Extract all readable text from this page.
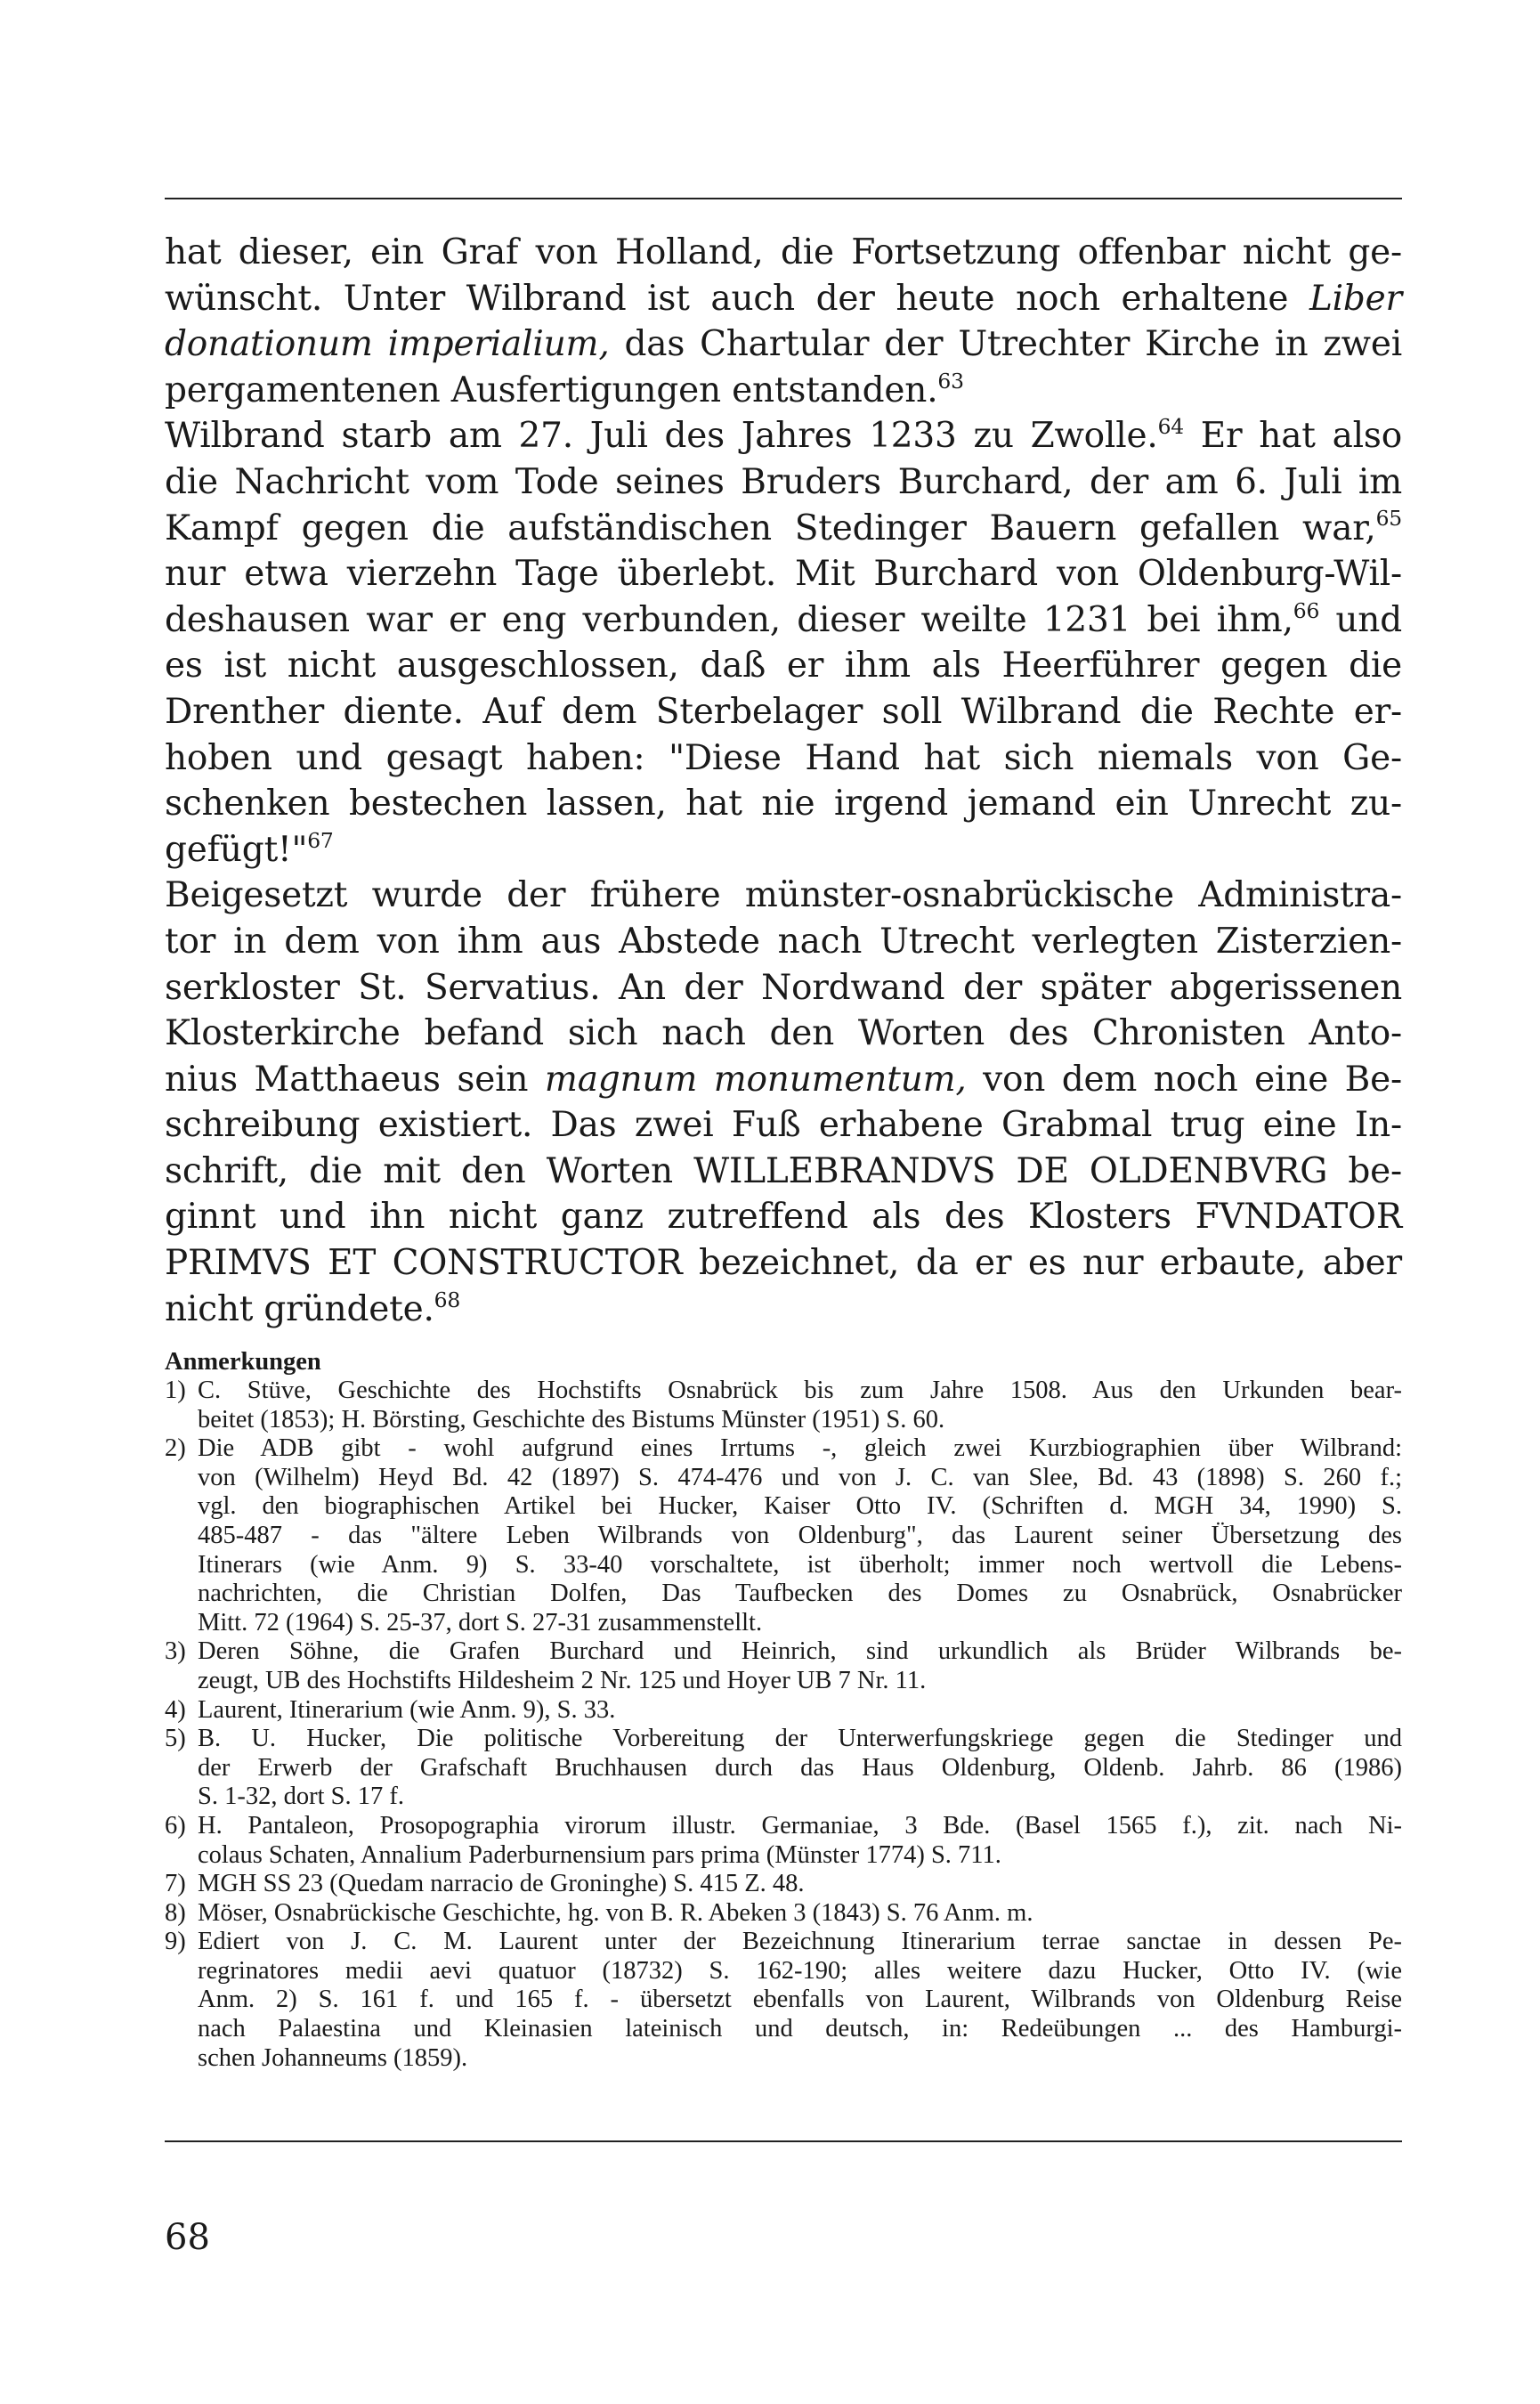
hat dieser, ein Graf von Holland, die Fortsetzung offenbar nicht ge-
wünscht. Unter Wilbrand ist auch der heute noch erhaltene Liber
donationum imperialium, das Chartular der Utrechter Kirche in zwei
pergamentenen Ausfertigungen entstanden.$^{63}$
Wilbrand starb am 27. Juli des Jahres 1233 zu Zwolle.$^{64}$ Er hat also
die Nachricht vom Tode seines Bruders Burchard, der am 6. Juli im
Kampf gegen die aufständischen Stedinger Bauern gefallen war,$^{65}$
nur etwa vierzehn Tage überlebt. Mit Burchard von Oldenburg-Wil-
deshausen war er eng verbunden, dieser weilte 1231 bei ihm,$^{66}$ und
es ist nicht ausgeschlossen, daß er ihm als Heerführer gegen die
Drenther diente. Auf dem Sterbelager soll Wilbrand die Rechte er-
hoben und gesagt haben: "Diese Hand hat sich niemals von Ge-
schenken bestechen lassen, hat nie irgend jemand ein Unrecht zu-
gefügt!"$^{67}$
Beigesetzt wurde der frühere münster-osnabrückische Administra-
tor in dem von ihm aus Abstede nach Utrecht verlegten Zisterzien-
serkloster St. Servatius. An der Nordwand der später abgerissenen
Klosterkirche befand sich nach den Worten des Chronisten Anto-
nius Matthaeus sein magnum monumentum, von dem noch eine Be-
schreibung existiert. Das zwei Fuß erhabene Grabmal trug eine In-
schrift, die mit den Worten WILLEBRANDVS DE OLDENBVRG be-
ginnt und ihn nicht ganz zutreffend als des Klosters FVNDATOR
PRIMVS ET CONSTRUCTOR bezeichnet, da er es nur erbaute, aber
nicht gründete.$^{68}$
Anmerkungen
1) C. Stüve, Geschichte des Hochstifts Osnabrück bis zum Jahre 1508. Aus den Urkunden bear-
beitet (1853); H. Börsting, Geschichte des Bistums Münster (1951) S. 60.
2) Die ADB gibt - wohl aufgrund eines Irrtums -, gleich zwei Kurzbiographien über Wilbrand:
von (Wilhelm) Heyd Bd. 42 (1897) S. 474-476 und von J. C. van Slee, Bd. 43 (1898) S. 260 f.;
vgl. den biographischen Artikel bei Hucker, Kaiser Otto IV. (Schriften d. MGH 34, 1990) S.
485-487 - das "ältere Leben Wilbrands von Oldenburg", das Laurent seiner Übersetzung des
Itinerars (wie Anm. 9) S. 33-40 vorschaltete, ist überholt; immer noch wertvoll die Lebens-
nachrichten, die Christian Dolfen, Das Taufbecken des Domes zu Osnabrück, Osnabrücker
Mitt. 72 (1964) S. 25-37, dort S. 27-31 zusammenstellt.
3) Deren Söhne, die Grafen Burchard und Heinrich, sind urkundlich als Brüder Wilbrands be-
zeugt, UB des Hochstifts Hildesheim 2 Nr. 125 und Hoyer UB 7 Nr. 11.
4) Laurent, Itinerarium (wie Anm. 9), S. 33.
5) B. U. Hucker, Die politische Vorbereitung der Unterwerfungskriege gegen die Stedinger und
der Erwerb der Grafschaft Bruchhausen durch das Haus Oldenburg, Oldenb. Jahrb. 86 (1986)
S. 1-32, dort S. 17 f.
6) H. Pantaleon, Prosopographia virorum illustr. Germaniae, 3 Bde. (Basel 1565 f.), zit. nach Ni-
colaus Schaten, Annalium Paderburnensium pars prima (Münster 1774) S. 711.
7) MGH SS 23 (Quedam narracio de Groninghe) S. 415 Z. 48.
8) Möser, Osnabrückische Geschichte, hg. von B. R. Abeken 3 (1843) S. 76 Anm. m.
9) Ediert von J. C. M. Laurent unter der Bezeichnung Itinerarium terrae sanctae in dessen Pe-
regrinatores medii aevi quatuor (18732) S. 162-190; alles weitere dazu Hucker, Otto IV. (wie
Anm. 2) S. 161 f. und 165 f. - übersetzt ebenfalls von Laurent, Wilbrands von Oldenburg Reise
nach Palaestina und Kleinasien lateinisch und deutsch, in: Redeübungen ... des Hamburgi-
schen Johanneums (1859).
68
